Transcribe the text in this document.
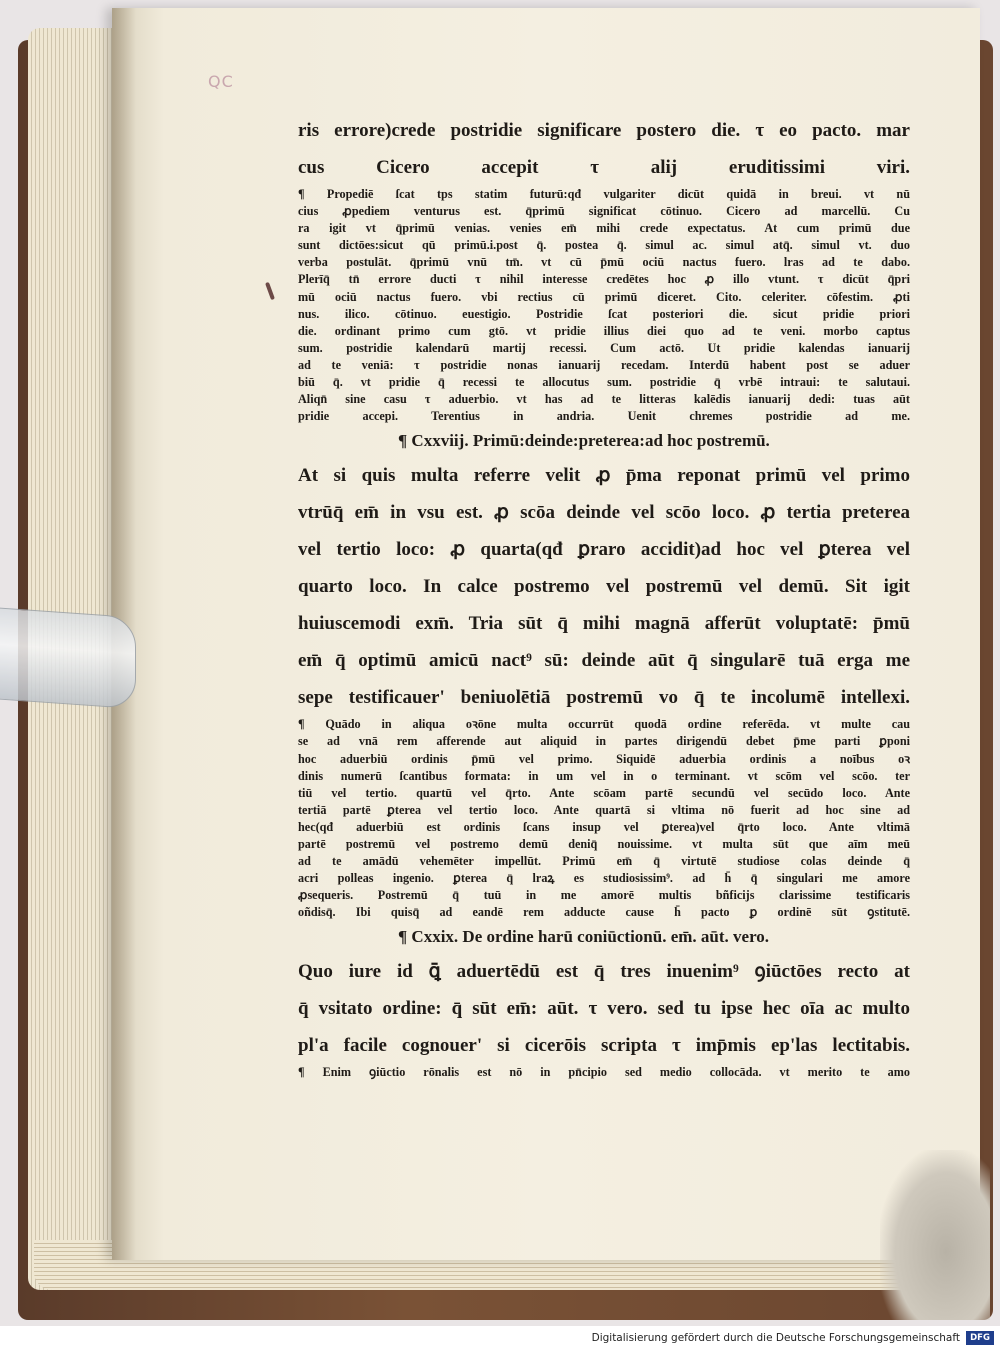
QC
ris errore)crede postridie significare postero die. τ eo pacto. mar
cus Cicero accepit τ alij eruditissimi viri.
¶ Propediē ſcat tps statim futurū:qđ vulgariter dicūt quidā in breui. vt nū
cius ꝓpediem venturus est. q̄primū significat cōtinuo. Cicero ad marcellū. Cu
ra igit vt q̄primū venias. venies em̄ mihi crede expectatus. At cum primū due
sunt dictōes:sicut qū primū.i.post q̄. postea q̄. simul ac. simul atq̄. simul vt. duo
verba postulāt. q̄primū vnū tm̄. vt cū p̄mū ociū nactus fuero. lras ad te dabo.
Plerīq̄ tn̄ errore ducti τ nihil interesse credētes hoc ꝓ illo vtunt. τ dicūt q̄pri
mū ociū nactus fuero. vbi rectius cū primū diceret. Cito. celeriter. cōfestim. ꝓti
nus. ilico. cōtinuo. euestigio. Postridie ſcat posteriori die. sicut pridie priori
die. ordinant primo cum gtō. vt pridie illius diei quo ad te veni. morbo captus
sum. postridie kalendarū martij recessi. Cum actō. Ut pridie kalendas ianuarij
ad te veniā: τ postridie nonas ianuarij recedam. Interdū habent post se aduer
biū q̄. vt pridie q̄ recessi te allocutus sum. postridie q̄ vrbē intraui: te salutaui.
Aliqn̄ sine casu τ aduerbio. vt has ad te litteras kalēdis ianuarij dedi: tuas aūt
pridie accepi. Terentius in andria. Uenit chremes postridie ad me.
¶ Cxxviij. Primū:deinde:preterea:ad hoc postremū.
At si quis multa referre velit ꝓ p̄ma reponat primū vel primo
vtrūq̄ em̄ in vsu est. ꝓ scōa deinde vel scōo loco. ꝓ tertia preterea
vel tertio loco: ꝓ quarta(qđ ꝑraro accidit)ad hoc vel ꝑterea vel
quarto loco. In calce postremo vel postremū vel demū. Sit igit
huiuscemodi exm̄. Tria sūt q̄ mihi magnā afferūt voluptatē: p̄mū
em̄ q̄ optimū amicū nact⁹ sū: deinde aūt q̄ singularē tuā erga me
sepe testificauer' beniuolētiā postremū vo q̄ te incolumē intellexi.
¶ Quādo in aliqua oꝛōne multa occurrūt quodā ordine referēda. vt multe cau
se ad vnā rem afferende aut aliquid in partes dirigendū debet p̄me parti ꝑponi
hoc aduerbiū ordinis p̄mū vel primo. Siquidē aduerbia ordinis a noībus oꝛ
dinis numerū ſcantibus formata: in um vel in o terminant. vt scōm vel scōo. ter
tiū vel tertio. quartū vel q̄rto. Ante scōam partē secundū vel secūdo loco. Ante
tertiā partē ꝑterea vel tertio loco. Ante quartā si vltima nō fuerit ad hoc sine ad
hec(qđ aduerbiū est ordinis ſcans insup vel ꝑterea)vel q̄rto loco. Ante vltimā
partē postremū vel postremo demū deniq̄ nouissime. vt multa sūt que aīm meū
ad te amādū vehemēter impellūt. Primū em̄ q̄ virtutē studiose colas deinde q̄
acri polleas ingenio. ꝑterea q̄ lraꝝ es studiosissim⁹. ad h̄ q̄ singulari me amore
ꝓsequeris. Postremū q̄ tuū in me amorē multis bñficijs clarissime testificaris
oñdisq̄. Ibi quisq̄ ad eandē rem adducte cause h̄ pacto ꝑ ordinē sūt ꝯstitutē.
¶ Cxxix. De ordine harū coniūctionū. em̄. aūt. vero.
Quo iure id ꝗ̄ aduertēdū est q̄ tres inuenim⁹ ꝯiūctōes recto at
q̄ vsitato ordine: q̄ sūt em̄: aūt. τ vero. sed tu ipse hec oīa ac multo
pl'a facile cognouer' si cicerōis scripta τ imp̄mis ep'las lectitabis.
¶ Enim ꝯiūctio rōnalis est nō in pn̄cipio sed medio collocāda. vt merito te amo
Digitalisierung gefördert durch die Deutsche Forschungsgemeinschaft	DFG
